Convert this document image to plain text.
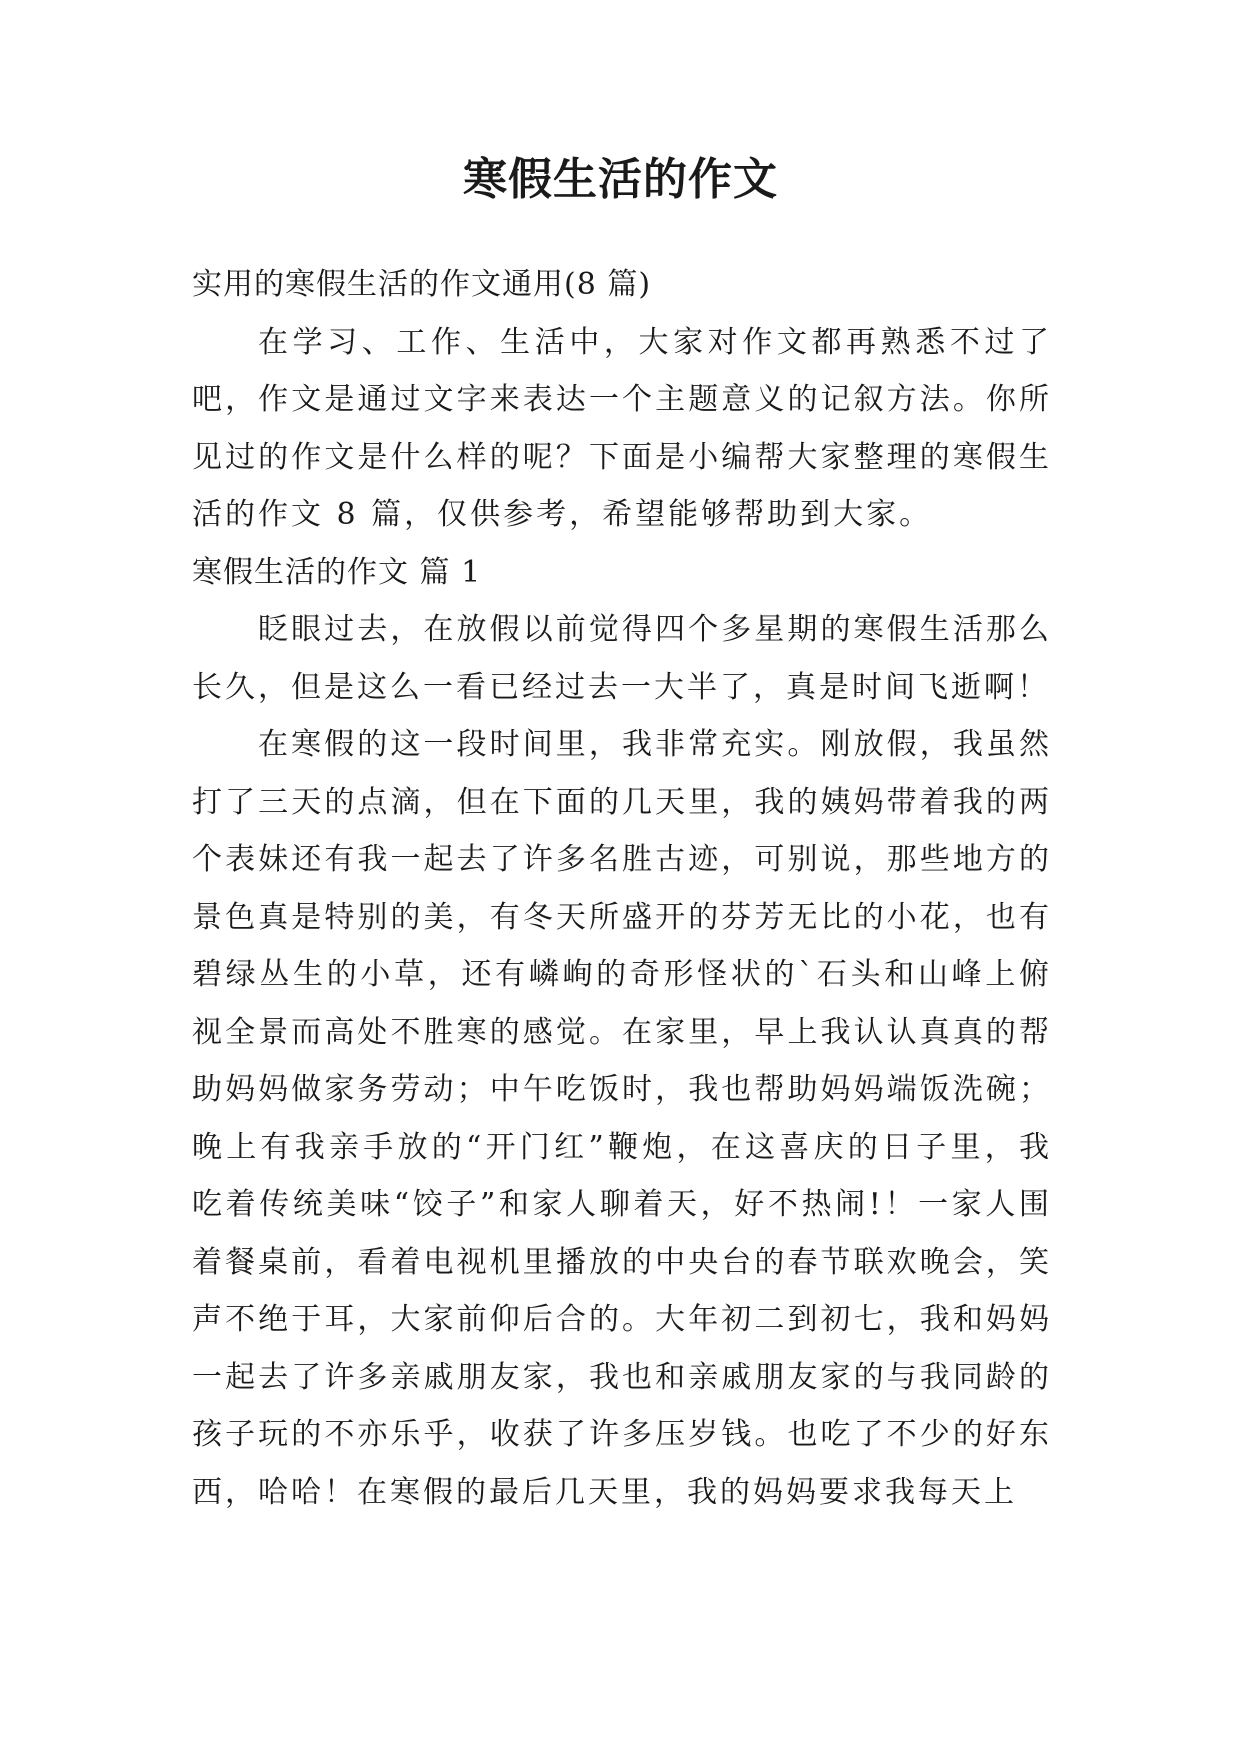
寒假生活的作文

实用的寒假生活的作文通用(8 篇)

在学习、工作、生活中，大家对作文都再熟悉不过了吧，作文是通过文字来表达一个主题意义的记叙方法。你所见过的作文是什么样的呢？下面是小编帮大家整理的寒假生活的作文 8 篇，仅供参考，希望能够帮助到大家。

寒假生活的作文 篇 1

眨眼过去，在放假以前觉得四个多星期的寒假生活那么长久，但是这么一看已经过去一大半了，真是时间飞逝啊！

在寒假的这一段时间里，我非常充实。刚放假，我虽然打了三天的点滴，但在下面的几天里，我的姨妈带着我的两个表妹还有我一起去了许多名胜古迹，可别说，那些地方的景色真是特别的美，有冬天所盛开的芬芳无比的小花，也有碧绿丛生的小草，还有嶙峋的奇形怪状的`石头和山峰上俯视全景而高处不胜寒的感觉。在家里，早上我认认真真的帮助妈妈做家务劳动；中午吃饭时，我也帮助妈妈端饭洗碗；晚上有我亲手放的“开门红”鞭炮，在这喜庆的日子里，我吃着传统美味“饺子”和家人聊着天，好不热闹!！一家人围着餐桌前，看着电视机里播放的中央台的春节联欢晚会，笑声不绝于耳，大家前仰后合的。大年初二到初七，我和妈妈一起去了许多亲戚朋友家，我也和亲戚朋友家的与我同龄的孩子玩的不亦乐乎，收获了许多压岁钱。也吃了不少的好东西，哈哈！在寒假的最后几天里，我的妈妈要求我每天上
